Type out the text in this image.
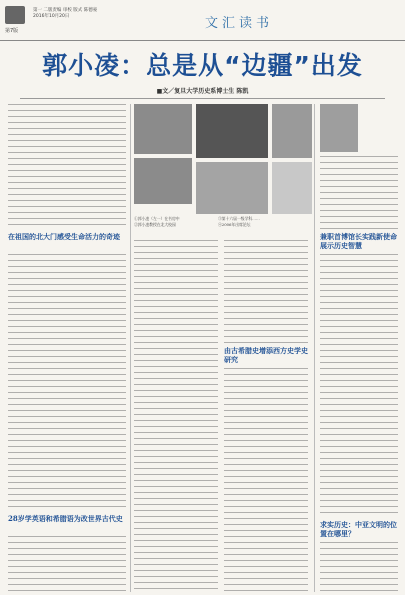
第7版
第一 二版责编 审校 版式 陈德豪
2016年10月20日	文汇读书
郭小凌：总是从“边疆”出发
■文／复旦大学历史系博士生 陈凯
在祖国的北大门感受生命活力的奇迹
28岁学英语和希腊语为改世界古代史
①郭小凌（左一）在书房中
②郭小凌教授在北大校园
③第十六届一级学科……
④2006年出席论坛
由古希腊史增添西方史学史研究
兼职首博馆长实践新使命展示历史智慧
求实历史：中亚文明的位置在哪里？
